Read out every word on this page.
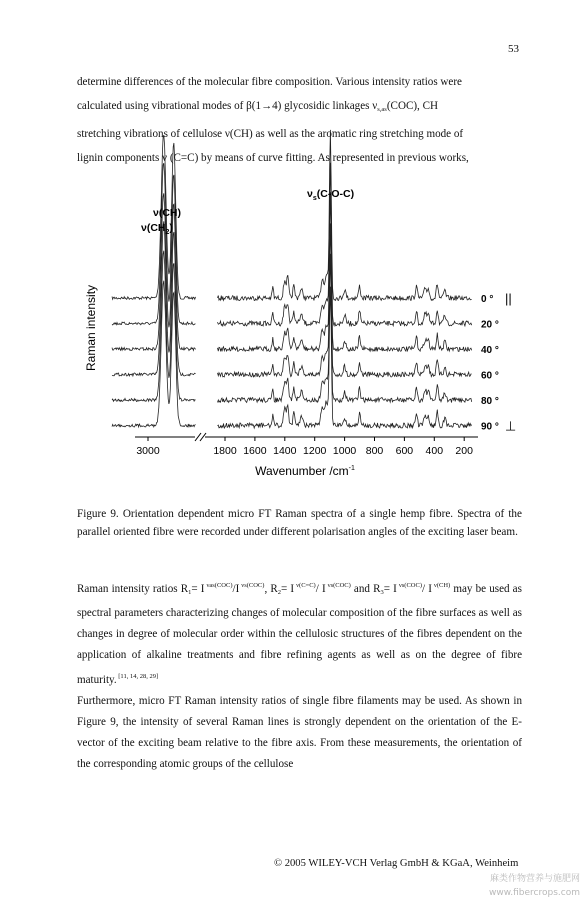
53

determine differences of the molecular fibre composition. Various intensity ratios were

calculated using vibrational modes of β(1→4) glycosidic linkages $\nu_{s,as}(COC)$, CH

stretching vibrations of cellulose ν(CH) as well as the aromatic ring stretching mode of

lignin components ν (C=C) by means of curve fitting. As represented in previous works,

3000	1800 1600 1400 1200 1000 800 600 400 200
0 ° ||
20 °
40 °
60 °
80 °
90 ° ⊥
$\nu(CH_2)$
ν(CH)
$\nu_s(C-O-C)$
Wavenumber $/cm^{-1}$
Raman intensity
Figure 9. Orientation dependent micro FT Raman spectra of a single hemp fibre. Spectra of the parallel oriented fibre were recorded under different polarisation angles of the exciting laser beam.

Raman intensity ratios $R_1= I$ $^{\nu as(COC)}$/I $^{\nu s(COC)}$, $R_2= I$ $^{\nu(C=C)}$/ I $^{\nu s(COC)}$ and $R_3= I$ $^{\nu s(COC)}$/ I $^{\nu(CH)}$ may be used as spectral parameters characterizing changes of molecular composition of the fibre surfaces as well as changes in degree of molecular order within the cellulosic structures of the fibres dependent on the application of alkaline treatments and fibre refining agents as well as on the degree of fibre maturity. [11, 14, 28, 29]

Furthermore, micro FT Raman intensity ratios of single fibre filaments may be used. As shown in Figure 9, the intensity of several Raman lines is strongly dependent on the orientation of the E-vector of the exciting beam relative to the fibre axis. From these measurements, the orientation of the corresponding atomic groups of the cellulose

© 2005 WILEY-VCH Verlag GmbH & KGaA, Weinheim
麻类作物营养与施肥网
www.fibercrops.com
